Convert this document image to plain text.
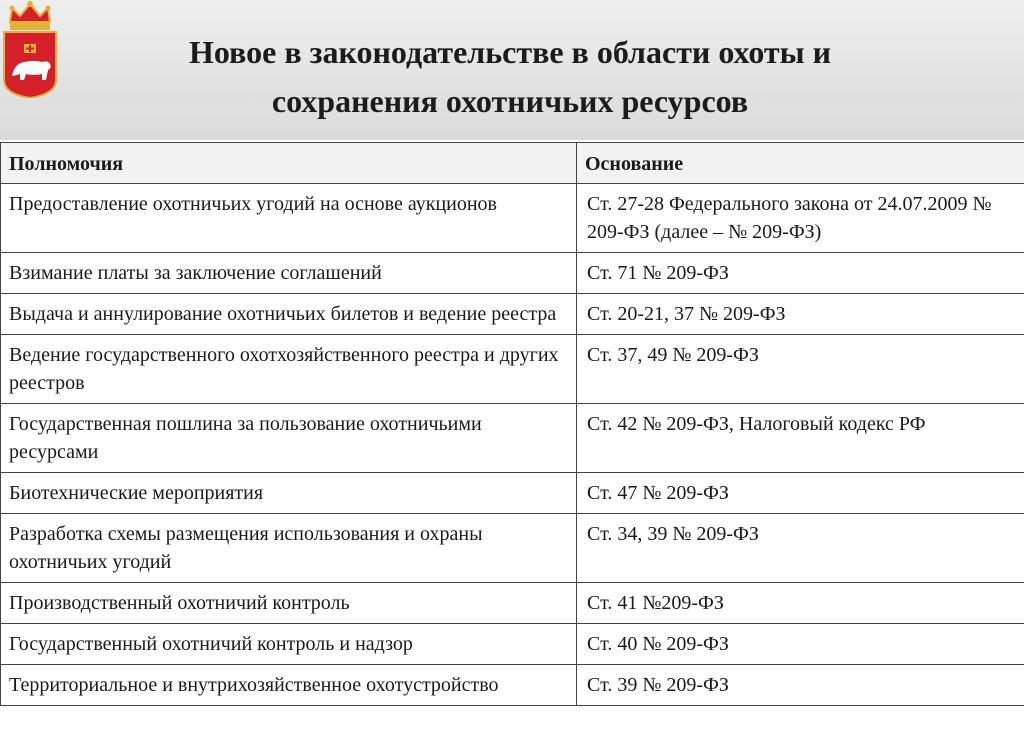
Новое в законодательстве в области охоты и
сохранения охотничьих ресурсов
Полномочия	Основание
Предоставление охотничьих угодий на основе аукционов	Ст. 27-28 Федерального закона от 24.07.2009 № 209-ФЗ (далее – № 209-ФЗ)
Взимание платы за заключение соглашений	Ст. 71 № 209-ФЗ
Выдача и аннулирование охотничьих билетов и ведение реестра	Ст. 20-21, 37 № 209-ФЗ
Ведение государственного охотхозяйственного реестра и других реестров	Ст. 37, 49 № 209-ФЗ
Государственная пошлина за пользование охотничьими ресурсами	Ст. 42 № 209-ФЗ, Налоговый кодекс РФ
Биотехнические мероприятия	Ст. 47 № 209-ФЗ
Разработка схемы размещения использования и охраны охотничьих угодий	Ст. 34, 39 № 209-ФЗ
Производственный охотничий контроль	Ст. 41 №209-ФЗ
Государственный охотничий контроль и надзор	Ст. 40 № 209-ФЗ
Территориальное и внутрихозяйственное охотустройство	Ст. 39 № 209-ФЗ
